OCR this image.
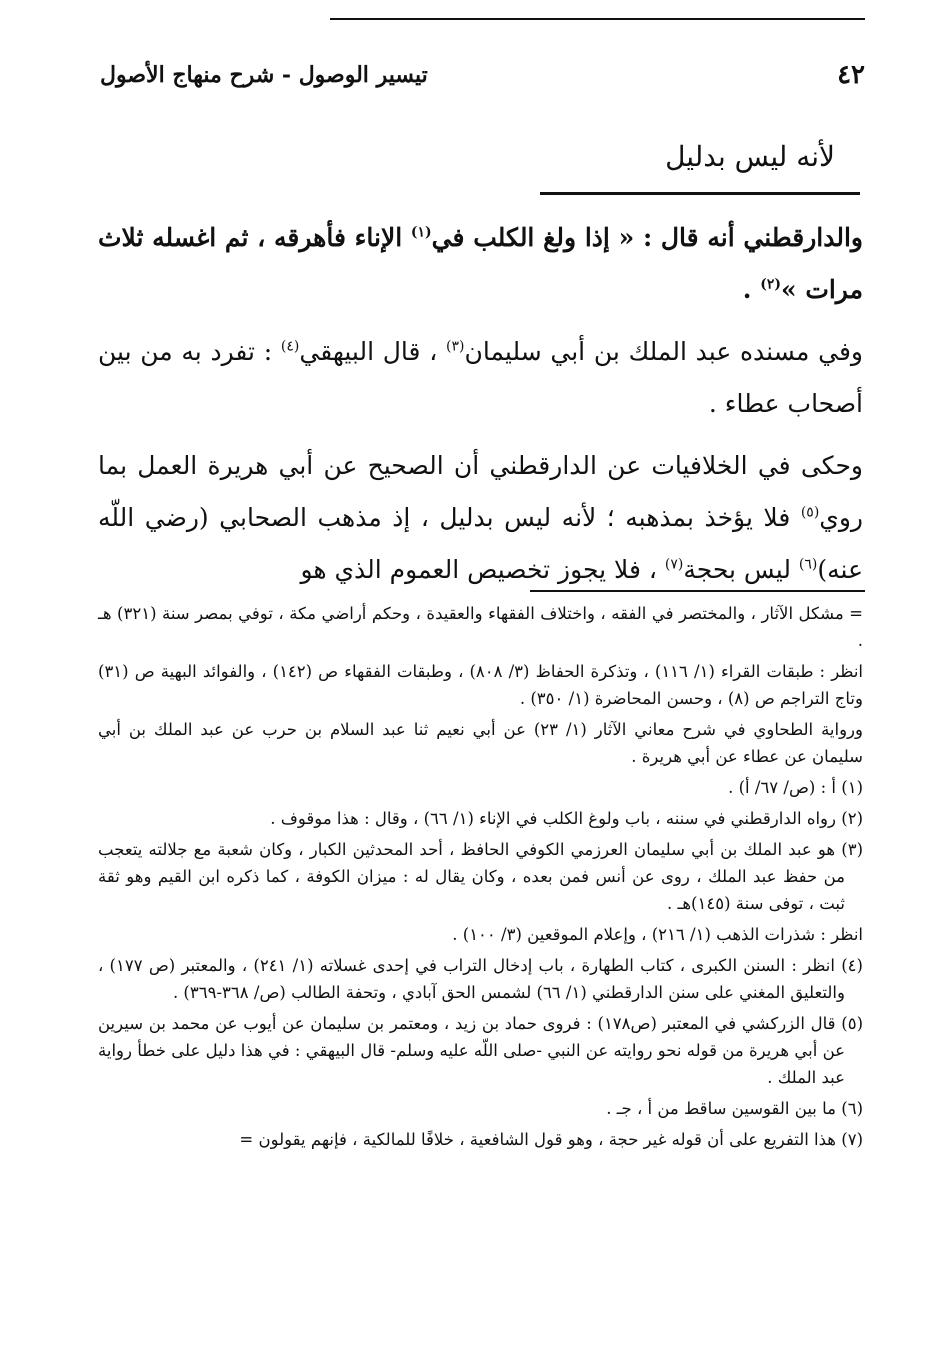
٤٢
تيسير الوصول - شرح منهاج الأصول
لأنه ليس بدليل

والدارقطني أنه قال : « إذا ولغ الكلب في$^{(١)}$ الإناء فأهرقه ، ثم اغسله ثلاث مرات »$^{(٢)}$ .

وفي مسنده عبد الملك بن أبي سليمان$^{(٣)}$ ، قال البيهقي$^{(٤)}$ : تفرد به من بين أصحاب عطاء .

وحكى في الخلافيات عن الدارقطني أن الصحيح عن أبي هريرة العمل بما روي$^{(٥)}$ فلا يؤخذ بمذهبه ؛ لأنه ليس بدليل ، إذ مذهب الصحابي (رضي اللّه عنه)$^{(٦)}$ ليس بحجة$^{(٧)}$ ، فلا يجوز تخصيص العموم الذي هو

= مشكل الآثار ، والمختصر في الفقه ، واختلاف الفقهاء والعقيدة ، وحكم أراضي مكة ، توفي بمصر سنة (٣٢١) هـ .

انظر : طبقات القراء (١/ ١١٦) ، وتذكرة الحفاظ (٣/ ٨٠٨) ، وطبقات الفقهاء ص (١٤٢) ، والفوائد البهية ص (٣١) وتاج التراجم ص (٨) ، وحسن المحاضرة (١/ ٣٥٠) .

ورواية الطحاوي في شرح معاني الآثار (١/ ٢٣) عن أبي نعيم ثنا عبد السلام بن حرب عن عبد الملك بن أبي سليمان عن عطاء عن أبي هريرة .

(١) أ : (ص/ ٦٧/ أ) .

(٢) رواه الدارقطني في سننه ، باب ولوغ الكلب في الإناء (١/ ٦٦) ، وقال : هذا موقوف .

(٣) هو عبد الملك بن أبي سليمان العرزمي الكوفي الحافظ ، أحد المحدثين الكبار ، وكان شعبة مع جلالته يتعجب من حفظ عبد الملك ، روى عن أنس فمن بعده ، وكان يقال له : ميزان الكوفة ، كما ذكره ابن القيم وهو ثقة ثبت ، توفى سنة (١٤٥)هـ .

انظر : شذرات الذهب (١/ ٢١٦) ، وإعلام الموقعين (٣/ ١٠٠) .

(٤) انظر : السنن الكبرى ، كتاب الطهارة ، باب إدخال التراب في إحدى غسلاته (١/ ٢٤١) ، والمعتبر (ص ١٧٧) ، والتعليق المغني على سنن الدارقطني (١/ ٦٦) لشمس الحق آبادي ، وتحفة الطالب (ص/ ٣٦٨-٣٦٩) .

(٥) قال الزركشي في المعتبر (ص١٧٨) : فروى حماد بن زيد ، ومعتمر بن سليمان عن أيوب عن محمد بن سيرين عن أبي هريرة من قوله نحو روايته عن النبي -صلى اللّه عليه وسلم- قال البيهقي : في هذا دليل على خطأ رواية عبد الملك .

(٦) ما بين القوسين ساقط من أ ، جـ .

(٧) هذا التفريع على أن قوله غير حجة ، وهو قول الشافعية ، خلافًا للمالكية ، فإنهم يقولون =
